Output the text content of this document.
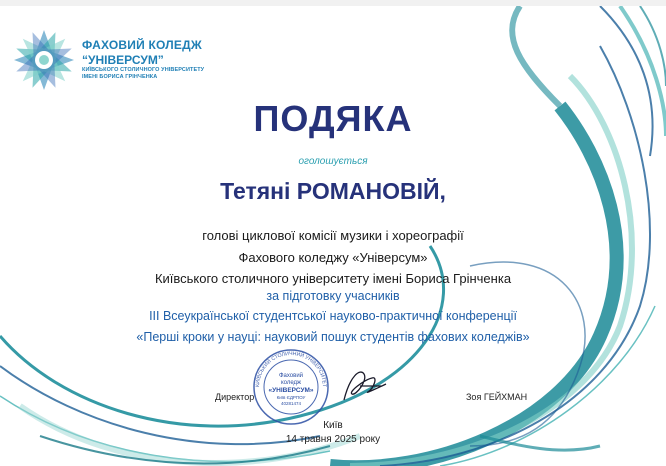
ФАХОВИЙ КОЛЕДЖ
“УНІВЕРСУМ”
КИЇВСЬКОГО СТОЛИЧНОГО УНІВЕРСИТЕТУ
ІМЕНІ БОРИСА ГРІНЧЕНКА
ПОДЯКА
оголошується
Тетяні РОМАНОВІЙ,
голові циклової комісії музики і хореографії
Фахового коледжу «Універсум»
Київського столичного університету імені Бориса Грінченка
за підготовку учасників
ІІІ Всеукраїнської студентської науково-практичної конференції
«Перші кроки у науці: науковий пошук студентів фахових коледжів»
Директор
КИЇВСЬКИЙ СТОЛИЧНИЙ УНІВЕРСИТЕТ
Фаховий
коледж
«УНІВЕРСУМ»
Київ ЄДРПОУ
40281474
Зоя ГЕЙХМАН
Київ
14 травня 2025 року
